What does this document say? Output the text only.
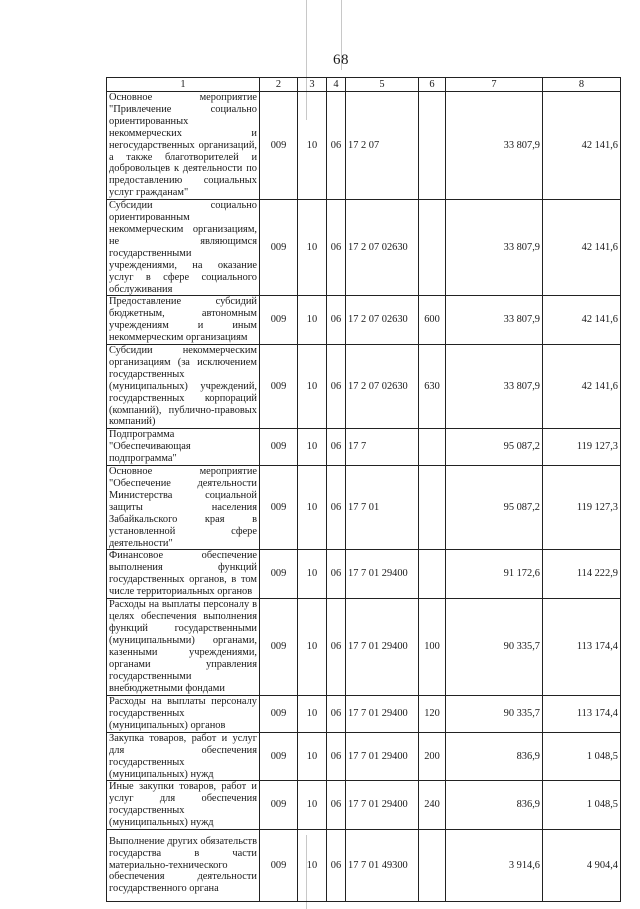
68
1	2	3	4	5	6	7	8
Основное мероприятие "Привлечение социально ориентированных некоммерческих и негосударственных организаций, а также благотворителей и добровольцев к деятельности по предоставлению социальных услуг гражданам"	009	10	06	17 2 07		33 807,9	42 141,6
Субсидии социально ориентированным некоммерческим организациям, не являющимся государственными учреждениями, на оказание услуг в сфере социального обслуживания	009	10	06	17 2 07 02630		33 807,9	42 141,6
Предоставление субсидий бюджетным, автономным учреждениям и иным некоммерческим организациям	009	10	06	17 2 07 02630	600	33 807,9	42 141,6
Субсидии некоммерческим организациям (за исключением государственных (муниципальных) учреждений, государственных корпораций (компаний), публично-правовых компаний)	009	10	06	17 2 07 02630	630	33 807,9	42 141,6
Подпрограмма "Обеспечивающая подпрограмма"	009	10	06	17 7		95 087,2	119 127,3
Основное мероприятие "Обеспечение деятельности Министерства социальной защиты населения Забайкальского края в установленной сфере деятельности"	009	10	06	17 7 01		95 087,2	119 127,3
Финансовое обеспечение выполнения функций государственных органов, в том числе территориальных органов	009	10	06	17 7 01 29400		91 172,6	114 222,9
Расходы на выплаты персоналу в целях обеспечения выполнения функций государственными (муниципальными) органами, казенными учреждениями, органами управления государственными внебюджетными фондами	009	10	06	17 7 01 29400	100	90 335,7	113 174,4
Расходы на выплаты персоналу государственных (муниципальных) органов	009	10	06	17 7 01 29400	120	90 335,7	113 174,4
Закупка товаров, работ и услуг для обеспечения государственных (муниципальных) нужд	009	10	06	17 7 01 29400	200	836,9	1 048,5
Иные закупки товаров, работ и услуг для обеспечения государственных (муниципальных) нужд	009	10	06	17 7 01 29400	240	836,9	1 048,5
Выполнение других обязательств государства в части материально-технического обеспечения деятельности государственного органа	009	10	06	17 7 01 49300		3 914,6	4 904,4
